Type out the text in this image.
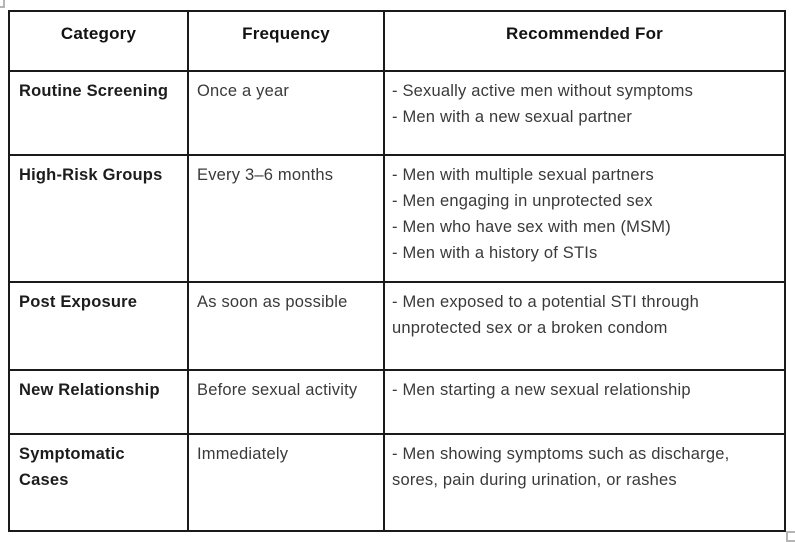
Category	Frequency	Recommended For
Routine Screening	Once a year	- Sexually active men without symptoms
- Men with a new sexual partner

High-Risk Groups	Every 3–6 months	- Men with multiple sexual partners
- Men engaging in unprotected sex
- Men who have sex with men (MSM)
- Men with a history of STIs

Post Exposure	As soon as possible	- Men exposed to a potential STI through unprotected sex or a broken condom

New Relationship	Before sexual activity	- Men starting a new sexual relationship

Symptomatic Cases	Immediately	- Men showing symptoms such as discharge, sores, pain during urination, or rashes
